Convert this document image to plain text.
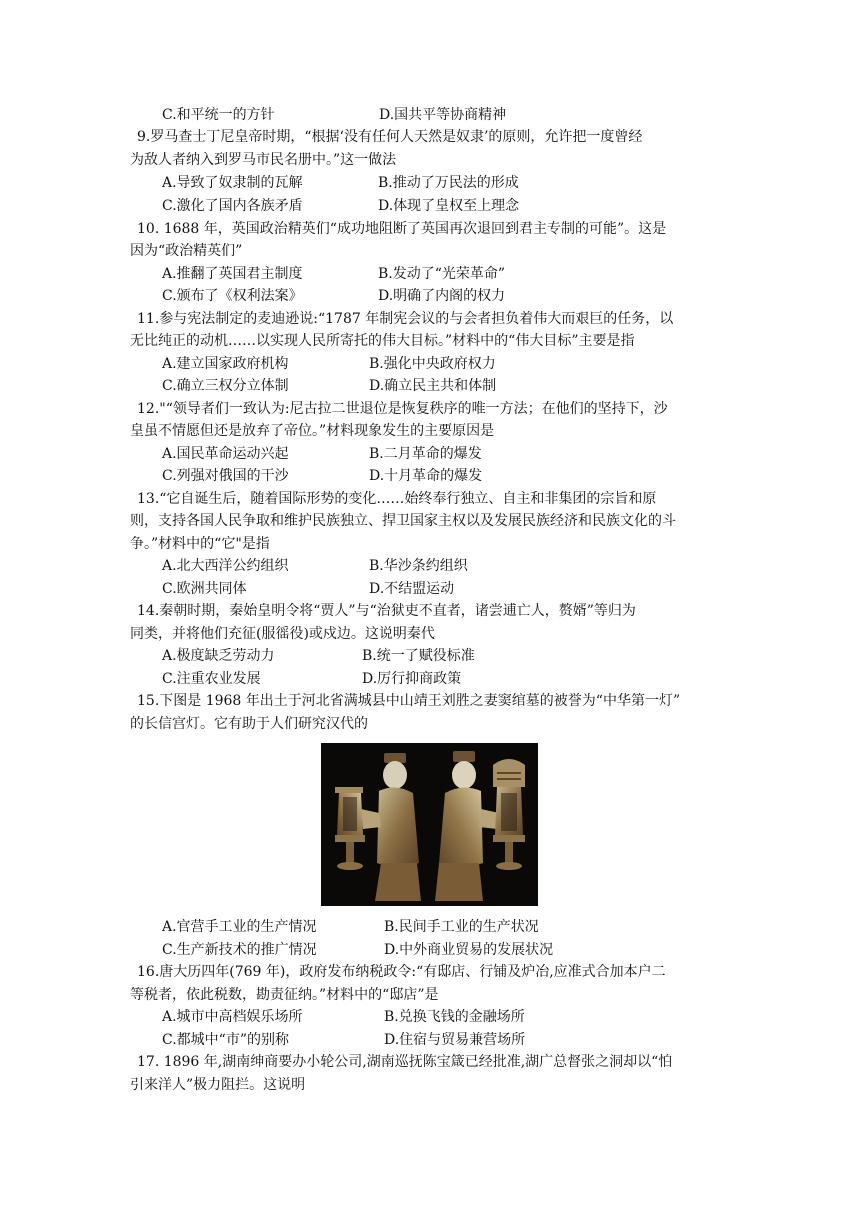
C.和平统一的方针	D.国共平等协商精神
9.罗马查士丁尼皇帝时期，“根据‘没有任何人天然是奴隶’的原则，允许把一度曾经
为敌人者纳入到罗马市民名册中。”这一做法
A.导致了奴隶制的瓦解	B.推动了万民法的形成
C.激化了国内各族矛盾	D.体现了皇权至上理念
10. 1688 年，英国政治精英们“成功地阻断了英国再次退回到君主专制的可能”。这是
因为“政治精英们”
A.推翻了英国君主制度	B.发动了“光荣革命”
C.颁布了《权利法案》	D.明确了内阁的权力
11.参与宪法制定的麦迪逊说:“1787 年制宪会议的与会者担负着伟大而艰巨的任务，以
无比纯正的动机……以实现人民所寄托的伟大目标。”材料中的“伟大目标”主要是指
A.建立国家政府机构	B.强化中央政府权力
C.确立三权分立体制	D.确立民主共和体制
12."“领导者们一致认为:尼古拉二世退位是恢复秩序的唯一方法；在他们的坚持下，沙
皇虽不情愿但还是放弃了帝位。”材料现象发生的主要原因是
A.国民革命运动兴起	B.二月革命的爆发
C.列强对俄国的干沙	D.十月革命的爆发
13.“它自诞生后，随着国际形势的变化……始终奉行独立、自主和非集团的宗旨和原
则，支持各国人民争取和维护民族独立、捍卫国家主权以及发展民族经济和民族文化的斗
争。”材料中的“它"是指
A.北大西洋公约组织	B.华沙条约组织
C.欧洲共同体	D.不结盟运动
14.秦朝时期，秦始皇明令将“贾人”与“治狱吏不直者，诸尝逋亡人，赘婿”等归为
同类，并将他们充征(服徭役)或戍边。这说明秦代
A.极度缺乏劳动力	B.统一了赋役标准
C.注重农业发展	D.厉行抑商政策
15.下图是 1968 年出土于河北省满城县中山靖王刘胜之妻窦绾墓的被誉为“中华第一灯”
的长信宫灯。它有助于人们研究汉代的
A.官营手工业的生产情况	B.民间手工业的生产状况
C.生产新技术的推广情况	D.中外商业贸易的发展状况
16.唐大历四年(769 年)，政府发布纳税政令:“有邸店、行铺及炉冶,应准式合加本户二
等税者，依此税数，勘责征纳。”材料中的“邸店”是
A.城市中高档娱乐场所	B.兑换飞钱的金融场所
C.都城中“市”的别称	D.住宿与贸易兼营场所
17. 1896 年,湖南绅商要办小轮公司,湖南巡抚陈宝箴已经批准,湖广总督张之洞却以“怕
引来洋人”极力阻拦。这说明
